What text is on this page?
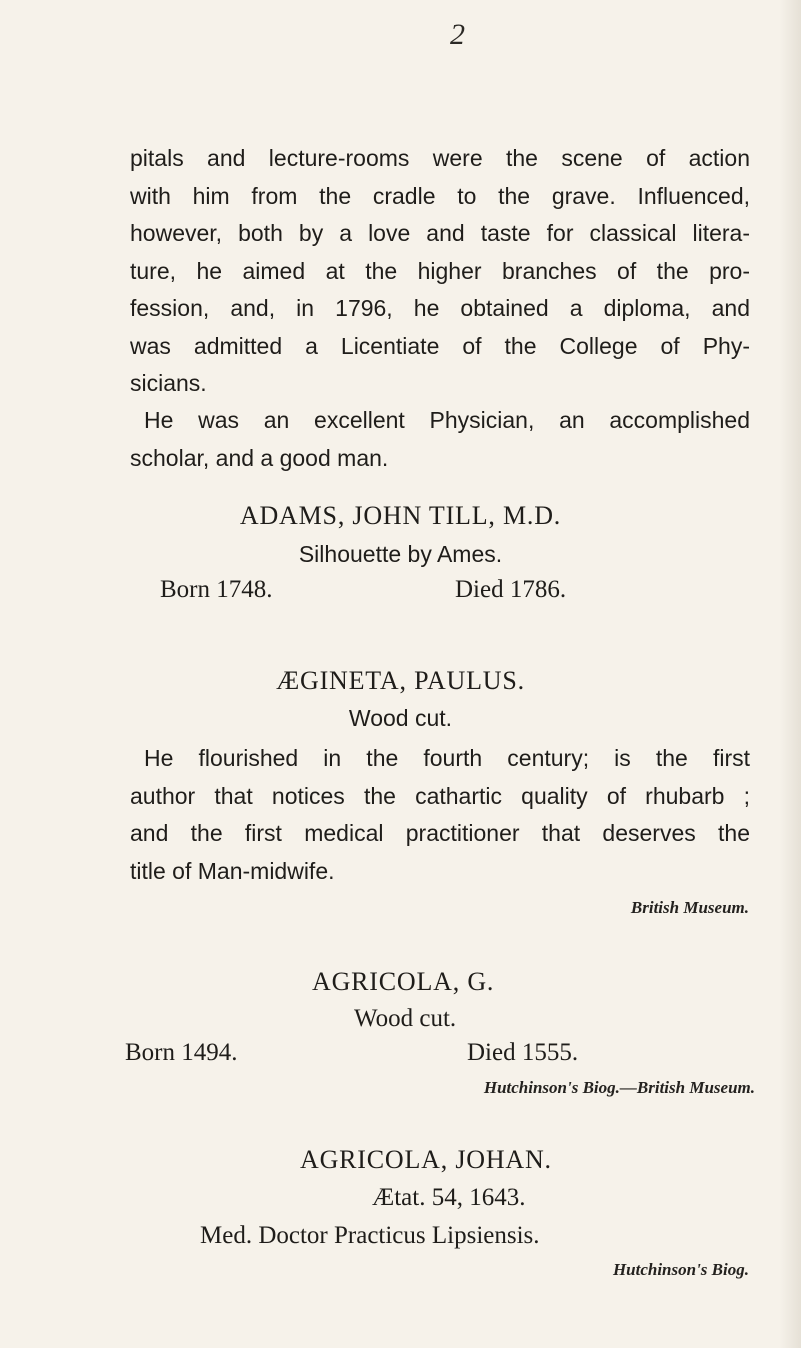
2
pitals and lecture-rooms were the scene of action
with him from the cradle to the grave. Influenced,
however, both by a love and taste for classical litera-
ture, he aimed at the higher branches of the pro-
fession, and, in 1796, he obtained a diploma, and
was admitted a Licentiate of the College of Phy-
sicians.
He was an excellent Physician, an accomplished
scholar, and a good man.
ADAMS, JOHN TILL, M.D.
Silhouette by Ames.
Born 1748.	Died 1786.
ÆGINETA, PAULUS.
Wood cut.
He flourished in the fourth century; is the first
author that notices the cathartic quality of rhubarb ;
and the first medical practitioner that deserves the
title of Man-midwife.
British Museum.
AGRICOLA, G.
Wood cut.
Born 1494.	Died 1555.
Hutchinson's Biog.—British Museum.
AGRICOLA, JOHAN.
Ætat. 54, 1643.
Med. Doctor Practicus Lipsiensis.
Hutchinson's Biog.
